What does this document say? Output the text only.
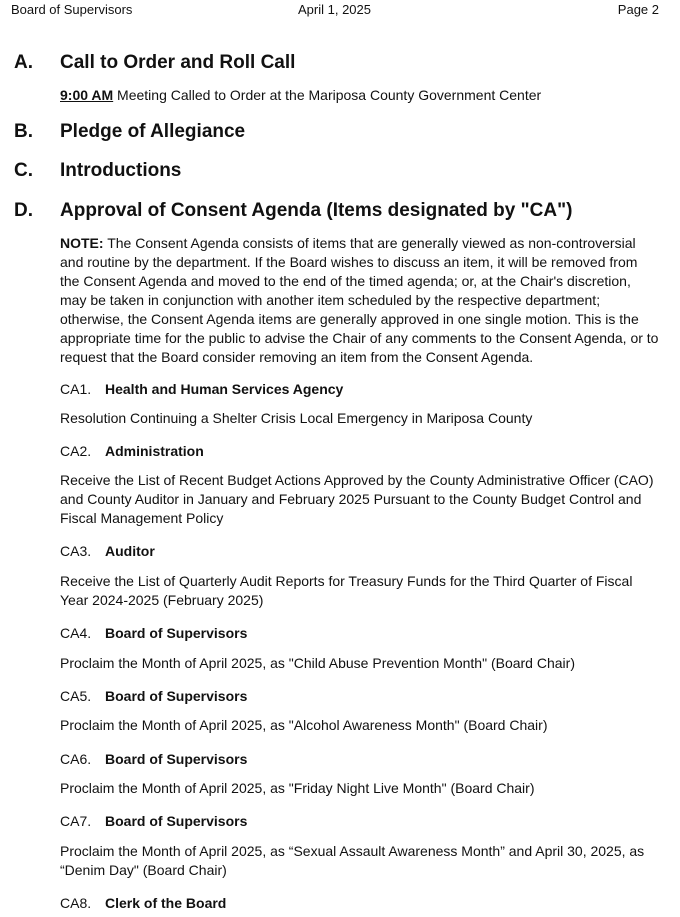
Board of Supervisors	April 1, 2025	Page 2
A. Call to Order and Roll Call
9:00 AM Meeting Called to Order at the Mariposa County Government Center
B. Pledge of Allegiance
C. Introductions
D. Approval of Consent Agenda (Items designated by "CA")
NOTE: The Consent Agenda consists of items that are generally viewed as non-controversial and routine by the department. If the Board wishes to discuss an item, it will be removed from the Consent Agenda and moved to the end of the timed agenda; or, at the Chair's discretion, may be taken in conjunction with another item scheduled by the respective department; otherwise, the Consent Agenda items are generally approved in one single motion. This is the appropriate time for the public to advise the Chair of any comments to the Consent Agenda, or to request that the Board consider removing an item from the Consent Agenda.
CA1. Health and Human Services Agency
Resolution Continuing a Shelter Crisis Local Emergency in Mariposa County
CA2. Administration
Receive the List of Recent Budget Actions Approved by the County Administrative Officer (CAO) and County Auditor in January and February 2025 Pursuant to the County Budget Control and Fiscal Management Policy
CA3. Auditor
Receive the List of Quarterly Audit Reports for Treasury Funds for the Third Quarter of Fiscal Year 2024-2025 (February 2025)
CA4. Board of Supervisors
Proclaim the Month of April 2025, as "Child Abuse Prevention Month" (Board Chair)
CA5. Board of Supervisors
Proclaim the Month of April 2025, as "Alcohol Awareness Month" (Board Chair)
CA6. Board of Supervisors
Proclaim the Month of April 2025, as "Friday Night Live Month" (Board Chair)
CA7. Board of Supervisors
Proclaim the Month of April 2025, as “Sexual Assault Awareness Month” and April 30, 2025, as “Denim Day" (Board Chair)
CA8. Clerk of the Board
